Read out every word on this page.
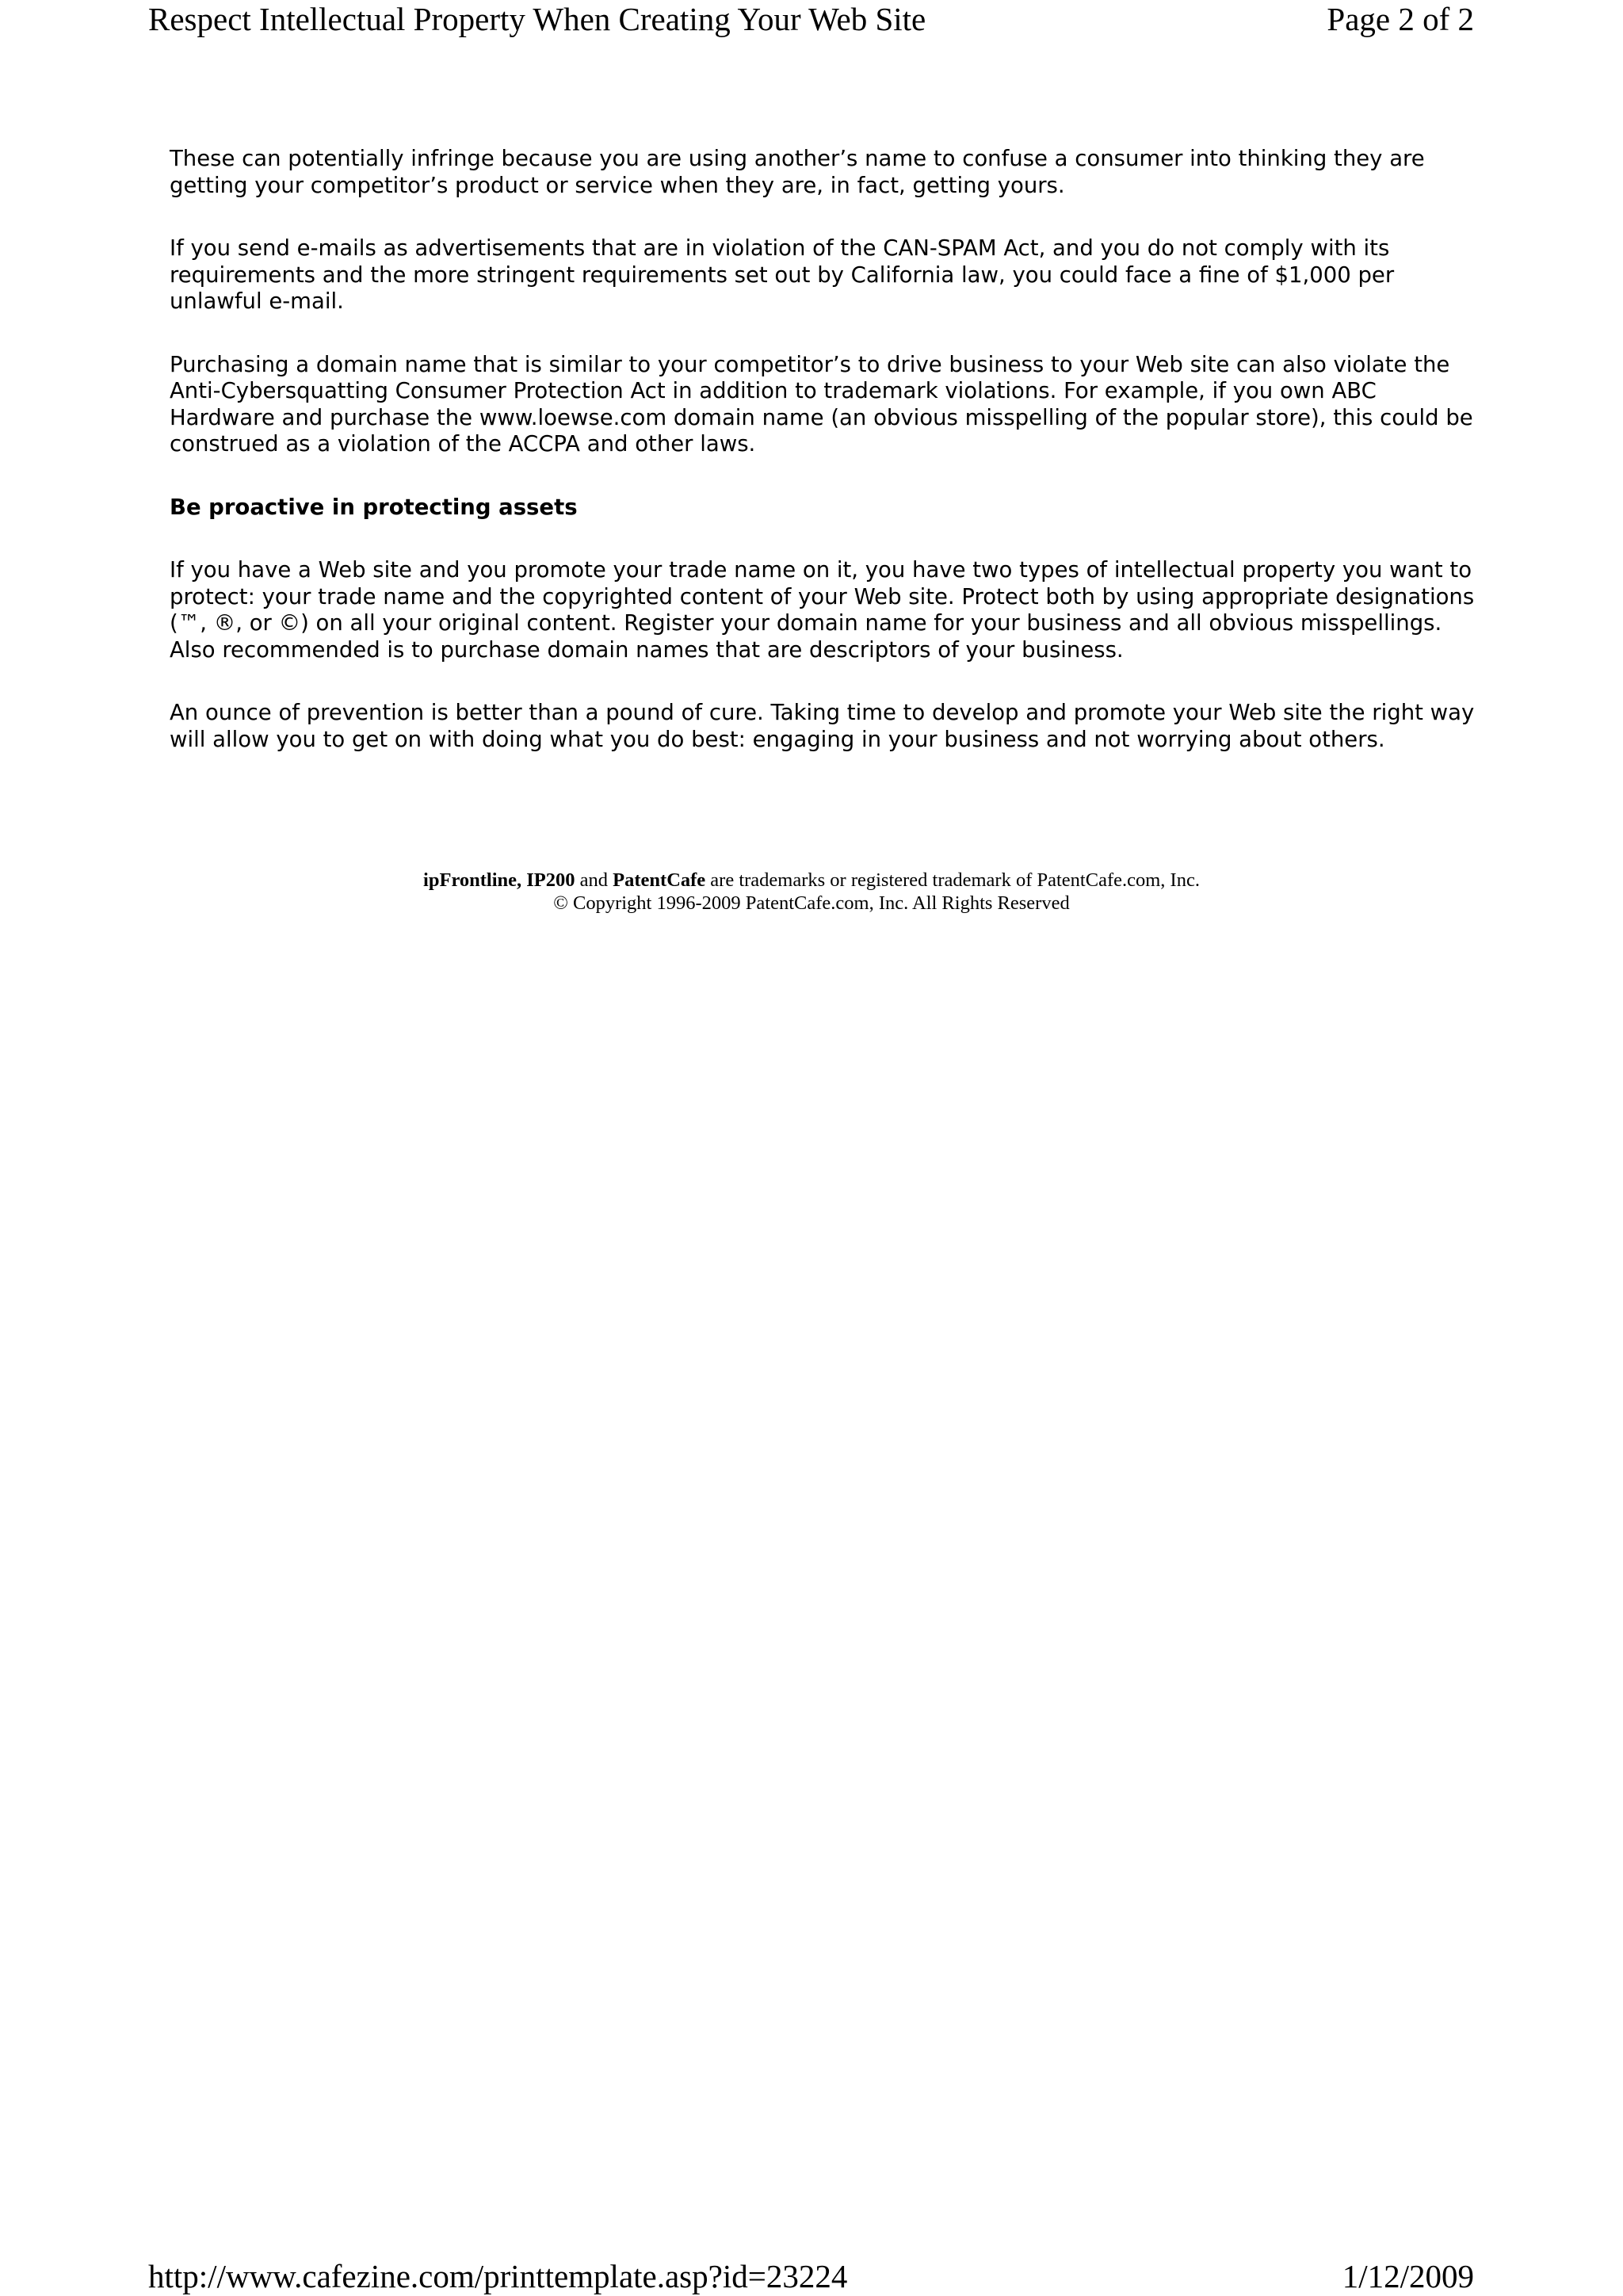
Respect Intellectual Property When Creating Your Web Site	Page 2 of 2

These can potentially infringe because you are using another’s name to confuse a consumer into thinking they are getting your competitor’s product or service when they are, in fact, getting yours.

If you send e-mails as advertisements that are in violation of the CAN-SPAM Act, and you do not comply with its requirements and the more stringent requirements set out by California law, you could face a fine of $1,000 per unlawful e-mail.

Purchasing a domain name that is similar to your competitor’s to drive business to your Web site can also violate the Anti-Cybersquatting Consumer Protection Act in addition to trademark violations. For example, if you own ABC Hardware and purchase the www.loewse.com domain name (an obvious misspelling of the popular store), this could be construed as a violation of the ACCPA and other laws.

Be proactive in protecting assets

If you have a Web site and you promote your trade name on it, you have two types of intellectual property you want to protect: your trade name and the copyrighted content of your Web site. Protect both by using appropriate designations (™, ®, or ©) on all your original content. Register your domain name for your business and all obvious misspellings. Also recommended is to purchase domain names that are descriptors of your business.

An ounce of prevention is better than a pound of cure. Taking time to develop and promote your Web site the right way will allow you to get on with doing what you do best: engaging in your business and not worrying about others.

ipFrontline, IP200 and PatentCafe are trademarks or registered trademark of PatentCafe.com, Inc.
© Copyright 1996-2009 PatentCafe.com, Inc. All Rights Reserved
http://www.cafezine.com/printtemplate.asp?id=23224	1/12/2009
